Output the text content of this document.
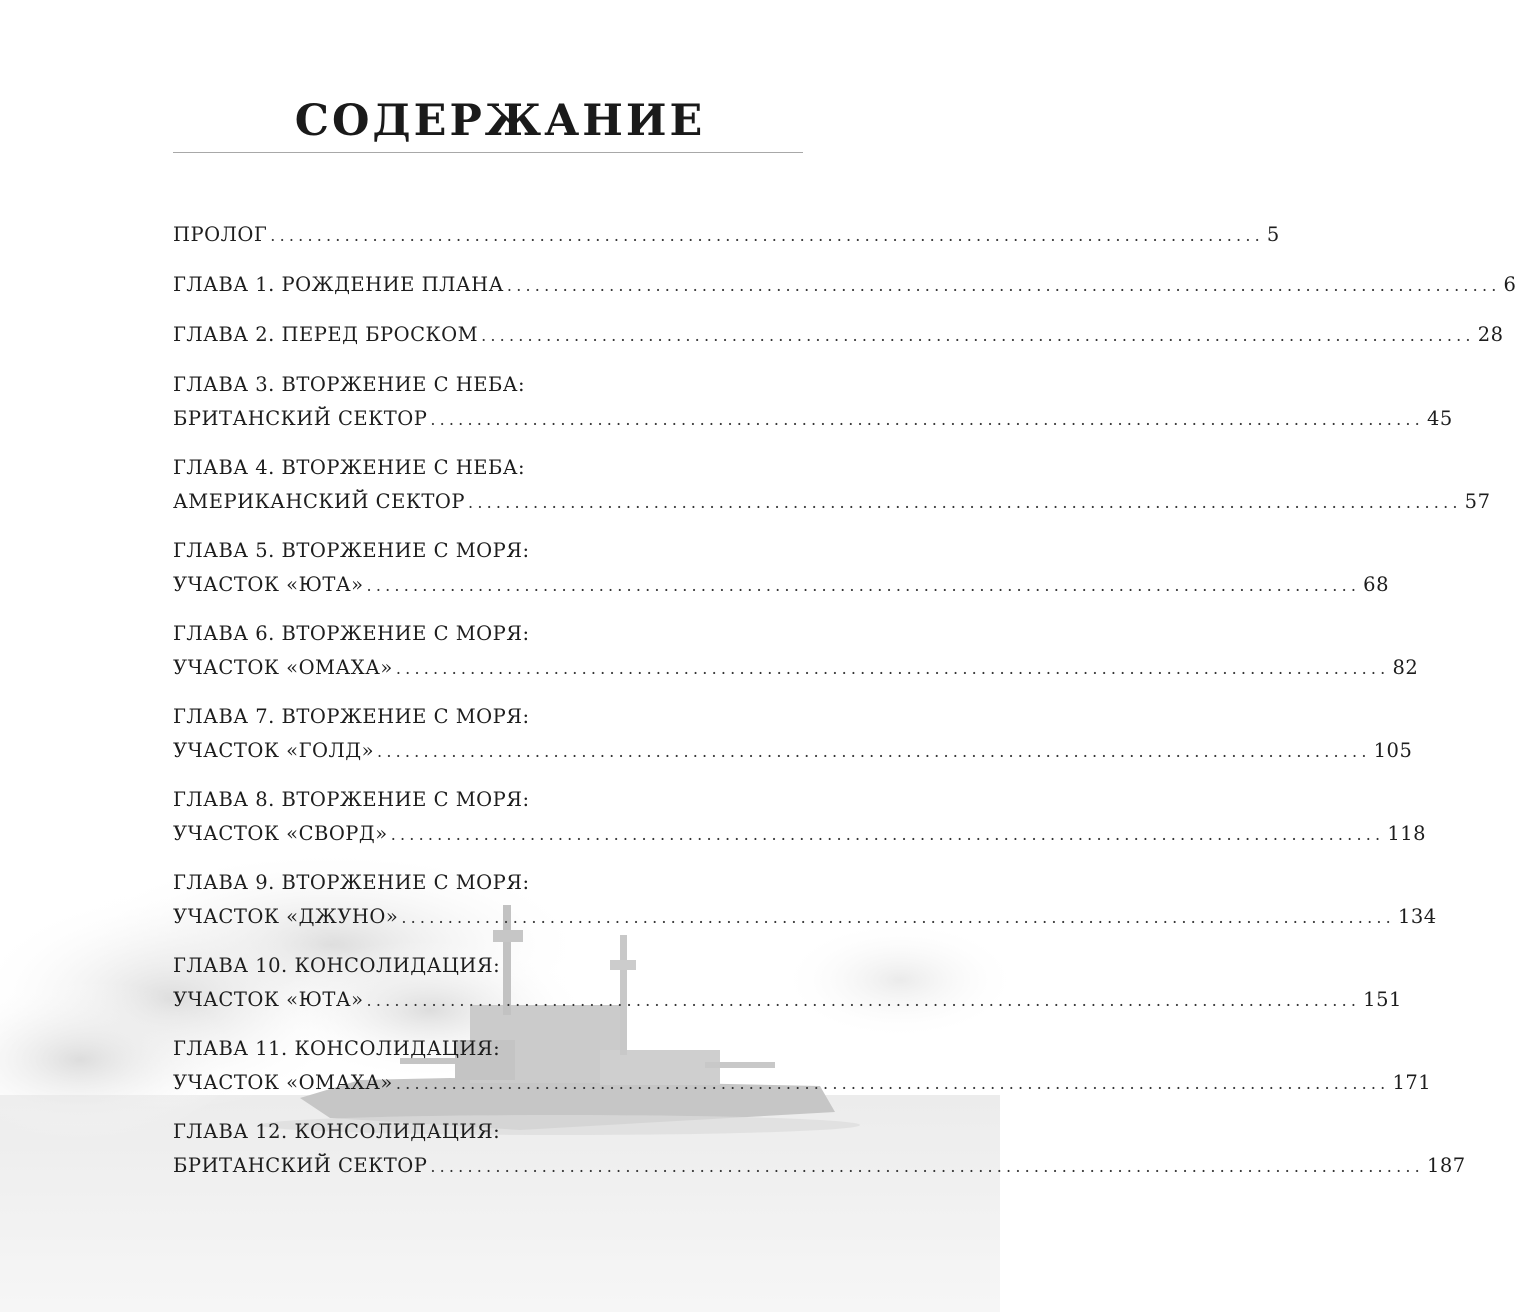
СОДЕРЖАНИЕ
ПРОЛОГ ........................................................................................................... 5
ГЛАВА 1. РОЖДЕНИЕ ПЛАНА ........................................................................................................... 6
ГЛАВА 2. ПЕРЕД БРОСКОМ ........................................................................................................... 28
ГЛАВА 3. ВТОРЖЕНИЕ С НЕБА:
БРИТАНСКИЙ СЕКТОР ........................................................................................................... 45
ГЛАВА 4. ВТОРЖЕНИЕ С НЕБА:
АМЕРИКАНСКИЙ СЕКТОР ........................................................................................................... 57
ГЛАВА 5. ВТОРЖЕНИЕ С МОРЯ:
УЧАСТОК «ЮТА» ........................................................................................................... 68
ГЛАВА 6. ВТОРЖЕНИЕ С МОРЯ:
УЧАСТОК «ОМАХА» ........................................................................................................... 82
ГЛАВА 7. ВТОРЖЕНИЕ С МОРЯ:
УЧАСТОК «ГОЛД» ........................................................................................................... 105
ГЛАВА 8. ВТОРЖЕНИЕ С МОРЯ:
УЧАСТОК «СВОРД» ........................................................................................................... 118
ГЛАВА 9. ВТОРЖЕНИЕ С МОРЯ:
УЧАСТОК «ДЖУНО» ........................................................................................................... 134
ГЛАВА 10. КОНСОЛИДАЦИЯ:
УЧАСТОК «ЮТА» ........................................................................................................... 151
ГЛАВА 11. КОНСОЛИДАЦИЯ:
УЧАСТОК «ОМАХА» ........................................................................................................... 171
ГЛАВА 12. КОНСОЛИДАЦИЯ:
БРИТАНСКИЙ СЕКТОР ........................................................................................................... 187
